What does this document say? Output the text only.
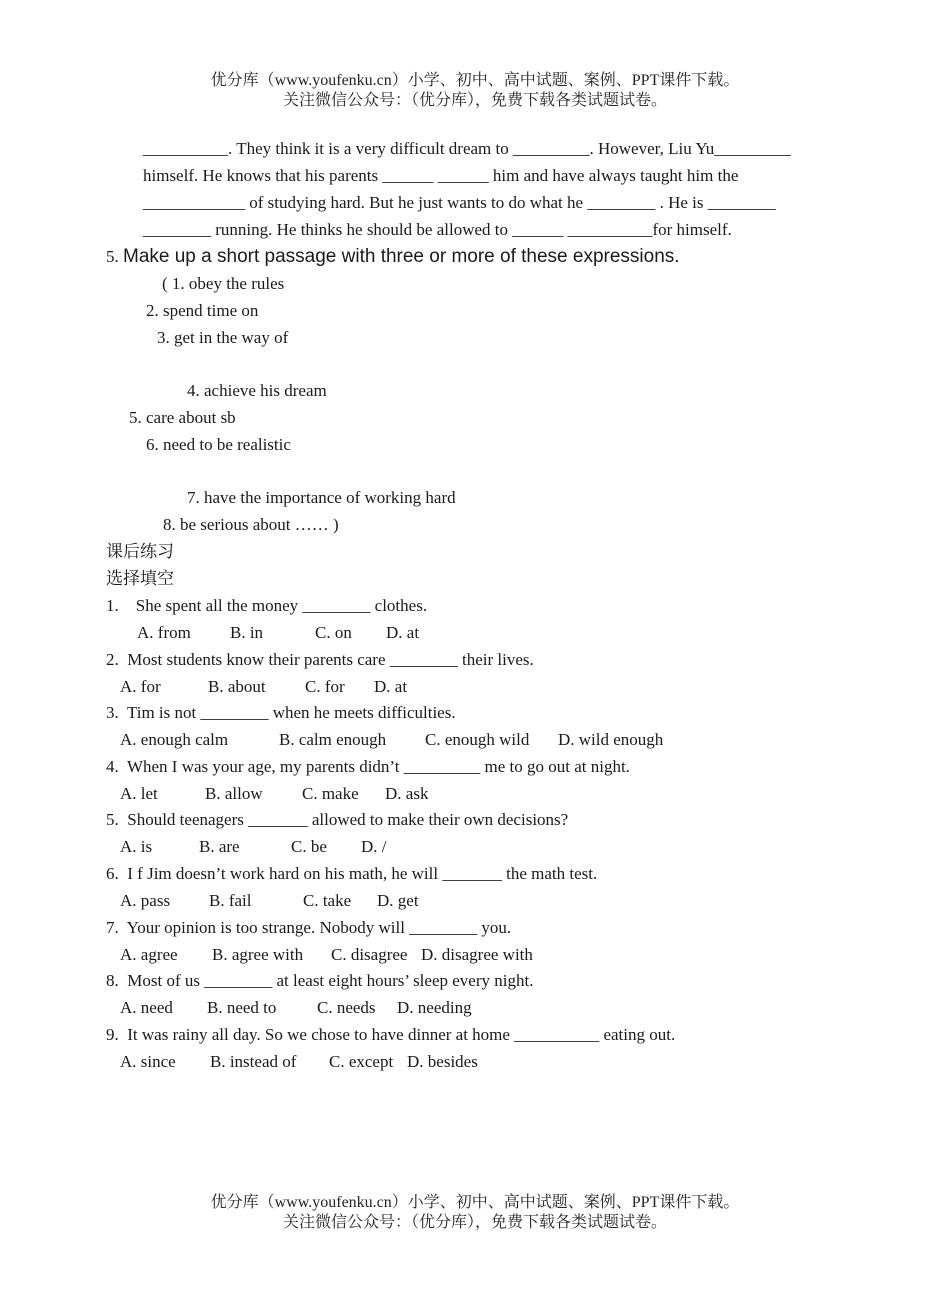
优分库（www.youfenku.cn）小学、初中、高中试题、案例、PPT课件下载。
关注微信公众号：（优分库），免费下载各类试题试卷。
__________. They think it is a very difficult dream to _________. However, Liu Yu_________
himself. He knows that his parents ______ ______ him and have always taught him the
____________ of studying hard. But he just wants to do what he ________ . He is ________
________ running. He thinks he should be allowed to ______ __________for himself.
5. Make up a short passage with three or more of these expressions.
( 1. obey the rules
2. spend time on
3. get in the way of
4. achieve his dream
5. care about sb
6. need to be realistic
7. have the importance of working hard
8. be serious about …… )
课后练习
选择填空
1.    She spent all the money ________ clothes.
A. from B. in	C. on D. at
2.  Most students know their parents care ________ their lives.
A. for	B. about C. for D. at
3.  Tim is not ________ when he meets difficulties.
A. enough calm	B. calm enough C. enough wild D. wild enough
4.  When I was your age, my parents didn’t _________ me to go out at night.
A. let	B. allow C. make D. ask
5.  Should teenagers _______ allowed to make their own decisions?
A. is	B. are	C. be D. /
6.  I f Jim doesn’t work hard on his math, he will _______ the math test.
A. pass B. fail	C. take D. get
7.  Your opinion is too strange. Nobody will ________ you.
A. agree B. agree with C. disagree D. disagree with
8.  Most of us ________ at least eight hours’ sleep every night.
A. need B. need to C. needs D. needing
9.  It was rainy all day. So we chose to have dinner at home __________ eating out.
A. since B. instead of C. except D. besides
优分库（www.youfenku.cn）小学、初中、高中试题、案例、PPT课件下载。
关注微信公众号：（优分库），免费下载各类试题试卷。
